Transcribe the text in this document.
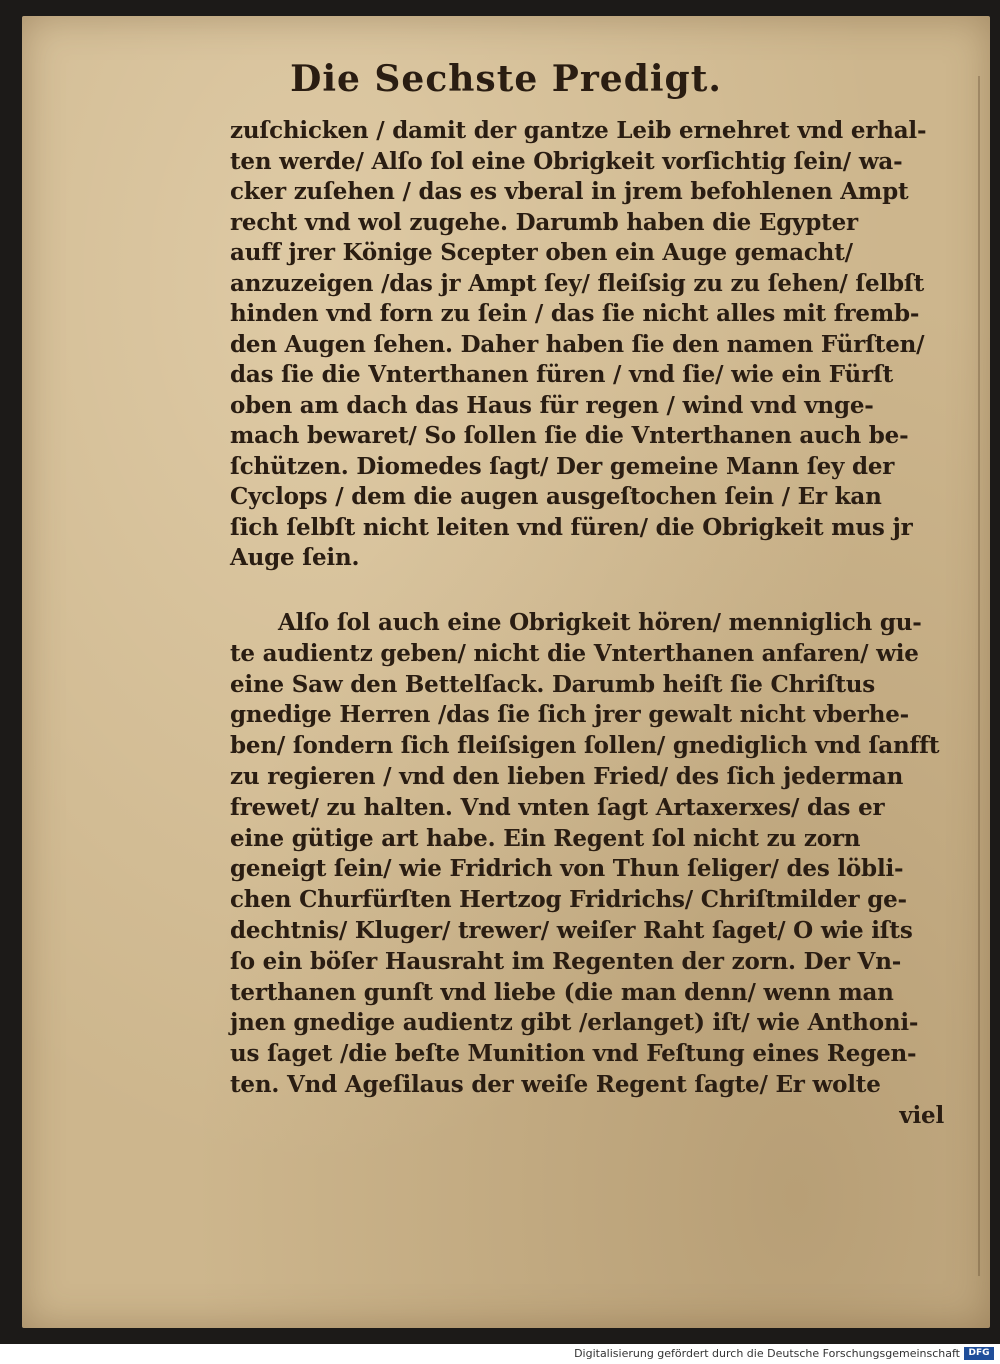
Die Sechste Predigt.
zuſchicken / damit der gantze Leib ernehret vnd erhal-
ten werde/ Alſo ſol eine Obrigkeit vorſichtig ſein/ wa-
cker zuſehen / das es vberal in jrem befohlenen Ampt
recht vnd wol zugehe. Darumb haben die Egypter
auff jrer Könige Scepter oben ein Auge gemacht/
anzuzeigen /das jr Ampt ſey/ fleiſsig zu zu ſehen/ ſelbſt
hinden vnd forn zu ſein / das ſie nicht alles mit fremb-
den Augen ſehen. Daher haben ſie den namen Fürſten/
das ſie die Vnterthanen füren / vnd ſie/ wie ein Fürſt
oben am dach das Haus für regen / wind vnd vnge-
mach bewaret/ So ſollen ſie die Vnterthanen auch be-
ſchützen. Diomedes ſagt/ Der gemeine Mann ſey der
Cyclops / dem die augen ausgeſtochen ſein / Er kan
ſich ſelbſt nicht leiten vnd füren/ die Obrigkeit mus jr
Auge ſein.
Alſo ſol auch eine Obrigkeit hören/ menniglich gu-
te audientz geben/ nicht die Vnterthanen anfaren/ wie
eine Saw den Bettelſack. Darumb heiſt ſie Chriſtus
gnedige Herren /das ſie ſich jrer gewalt nicht vberhe-
ben/ ſondern ſich fleiſsigen ſollen/ gnediglich vnd ſanfft
zu regieren / vnd den lieben Fried/ des ſich jederman
frewet/ zu halten. Vnd vnten ſagt Artaxerxes/ das er
eine gütige art habe. Ein Regent ſol nicht zu zorn
geneigt ſein/ wie Fridrich von Thun ſeliger/ des löbli-
chen Churfürſten Hertzog Fridrichs/ Chriſtmilder ge-
dechtnis/ Kluger/ trewer/ weiſer Raht ſaget/ O wie iſts
ſo ein böſer Hausraht im Regenten der zorn. Der Vn-
terthanen gunſt vnd liebe (die man denn/ wenn man
jnen gnedige audientz gibt /erlanget) iſt/ wie Anthoni-
us ſaget /die beſte Munition vnd Feſtung eines Regen-
ten. Vnd Ageſilaus der weiſe Regent ſagte/ Er wolte
viel
Digitalisierung gefördert durch die Deutsche Forschungsgemeinschaft DFG
